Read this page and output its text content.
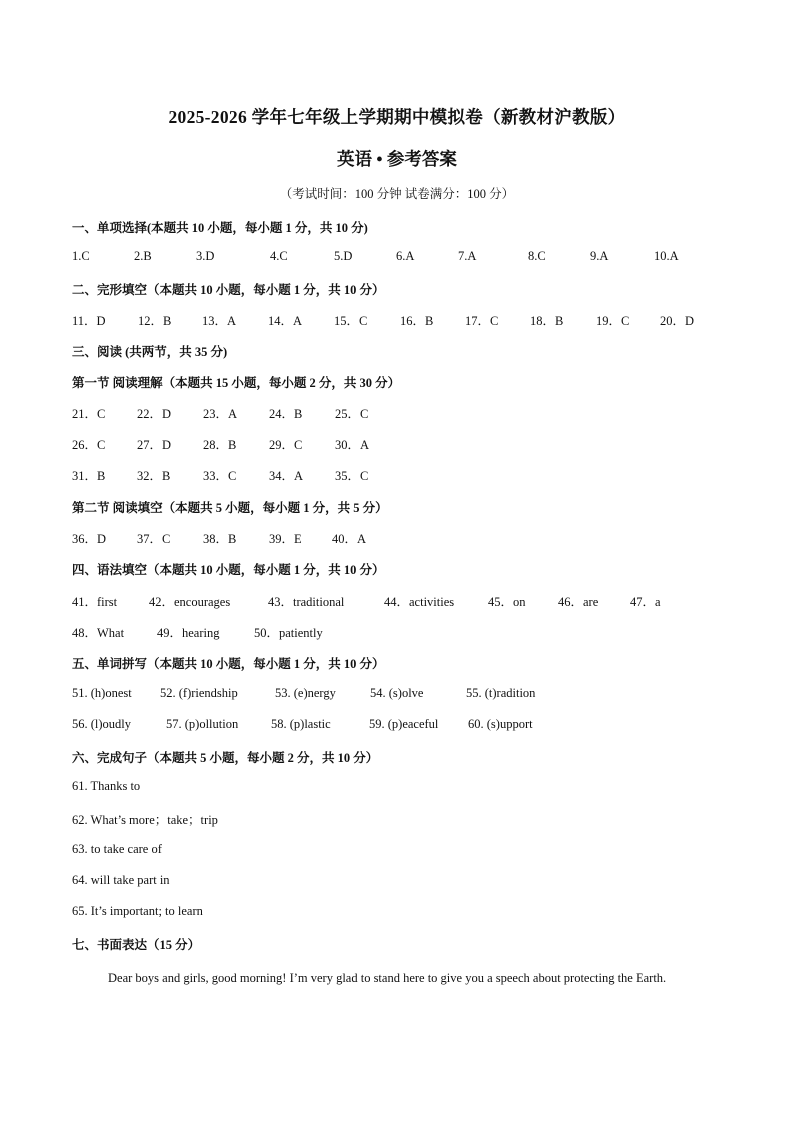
2025-2026 学年七年级上学期期中模拟卷（新教材沪教版）
英语 • 参考答案
（考试时间：100 分钟 试卷满分：100 分）
一、单项选择(本题共 10 小题，每小题 1 分，共 10 分)
1.C	2.B	3.D	4.C	5.D	6.A	7.A	8.C	9.A	10.A
二、完形填空（本题共 10 小题，每小题 1 分，共 10 分）
11．D	12．B 13．A	14．A	15．C	16．B	17．C	18．B	19．C 20．D
三、阅读 (共两节，共 35 分)
第一节 阅读理解（本题共 15 小题，每小题 2 分，共 30 分）
21．C	22．D	23．A	24．B	25．C
26．C	27．D	28．B	29．C	30．A
31．B	32．B	33．C	34．A	35．C
第二节 阅读填空（本题共 5 小题，每小题 1 分，共 5 分）
36．D 37．C	38．B	39．E 40．A
四、语法填空（本题共 10 小题，每小题 1 分，共 10 分）
41．first	42．encourages	43．traditional	44．activities	45．on	46．are	47．a
48．What	49．hearing	50．patiently
五、单词拼写（本题共 10 小题，每小题 1 分，共 10 分）
51. (h)onest 52. (f)riendship	53. (e)nergy	54. (s)olve	55. (t)radition
56. (l)oudly	57. (p)ollution	58. (p)lastic	59. (p)eaceful 60. (s)upport
六、完成句子（本题共 5 小题，每小题 2 分，共 10 分）
61. Thanks to
62. What’s more；take；trip
63. to take care of
64. will take part in
65. It’s important; to learn
七、书面表达（15 分）
Dear boys and girls, good morning! I’m very glad to stand here to give you a speech about protecting the Earth.
